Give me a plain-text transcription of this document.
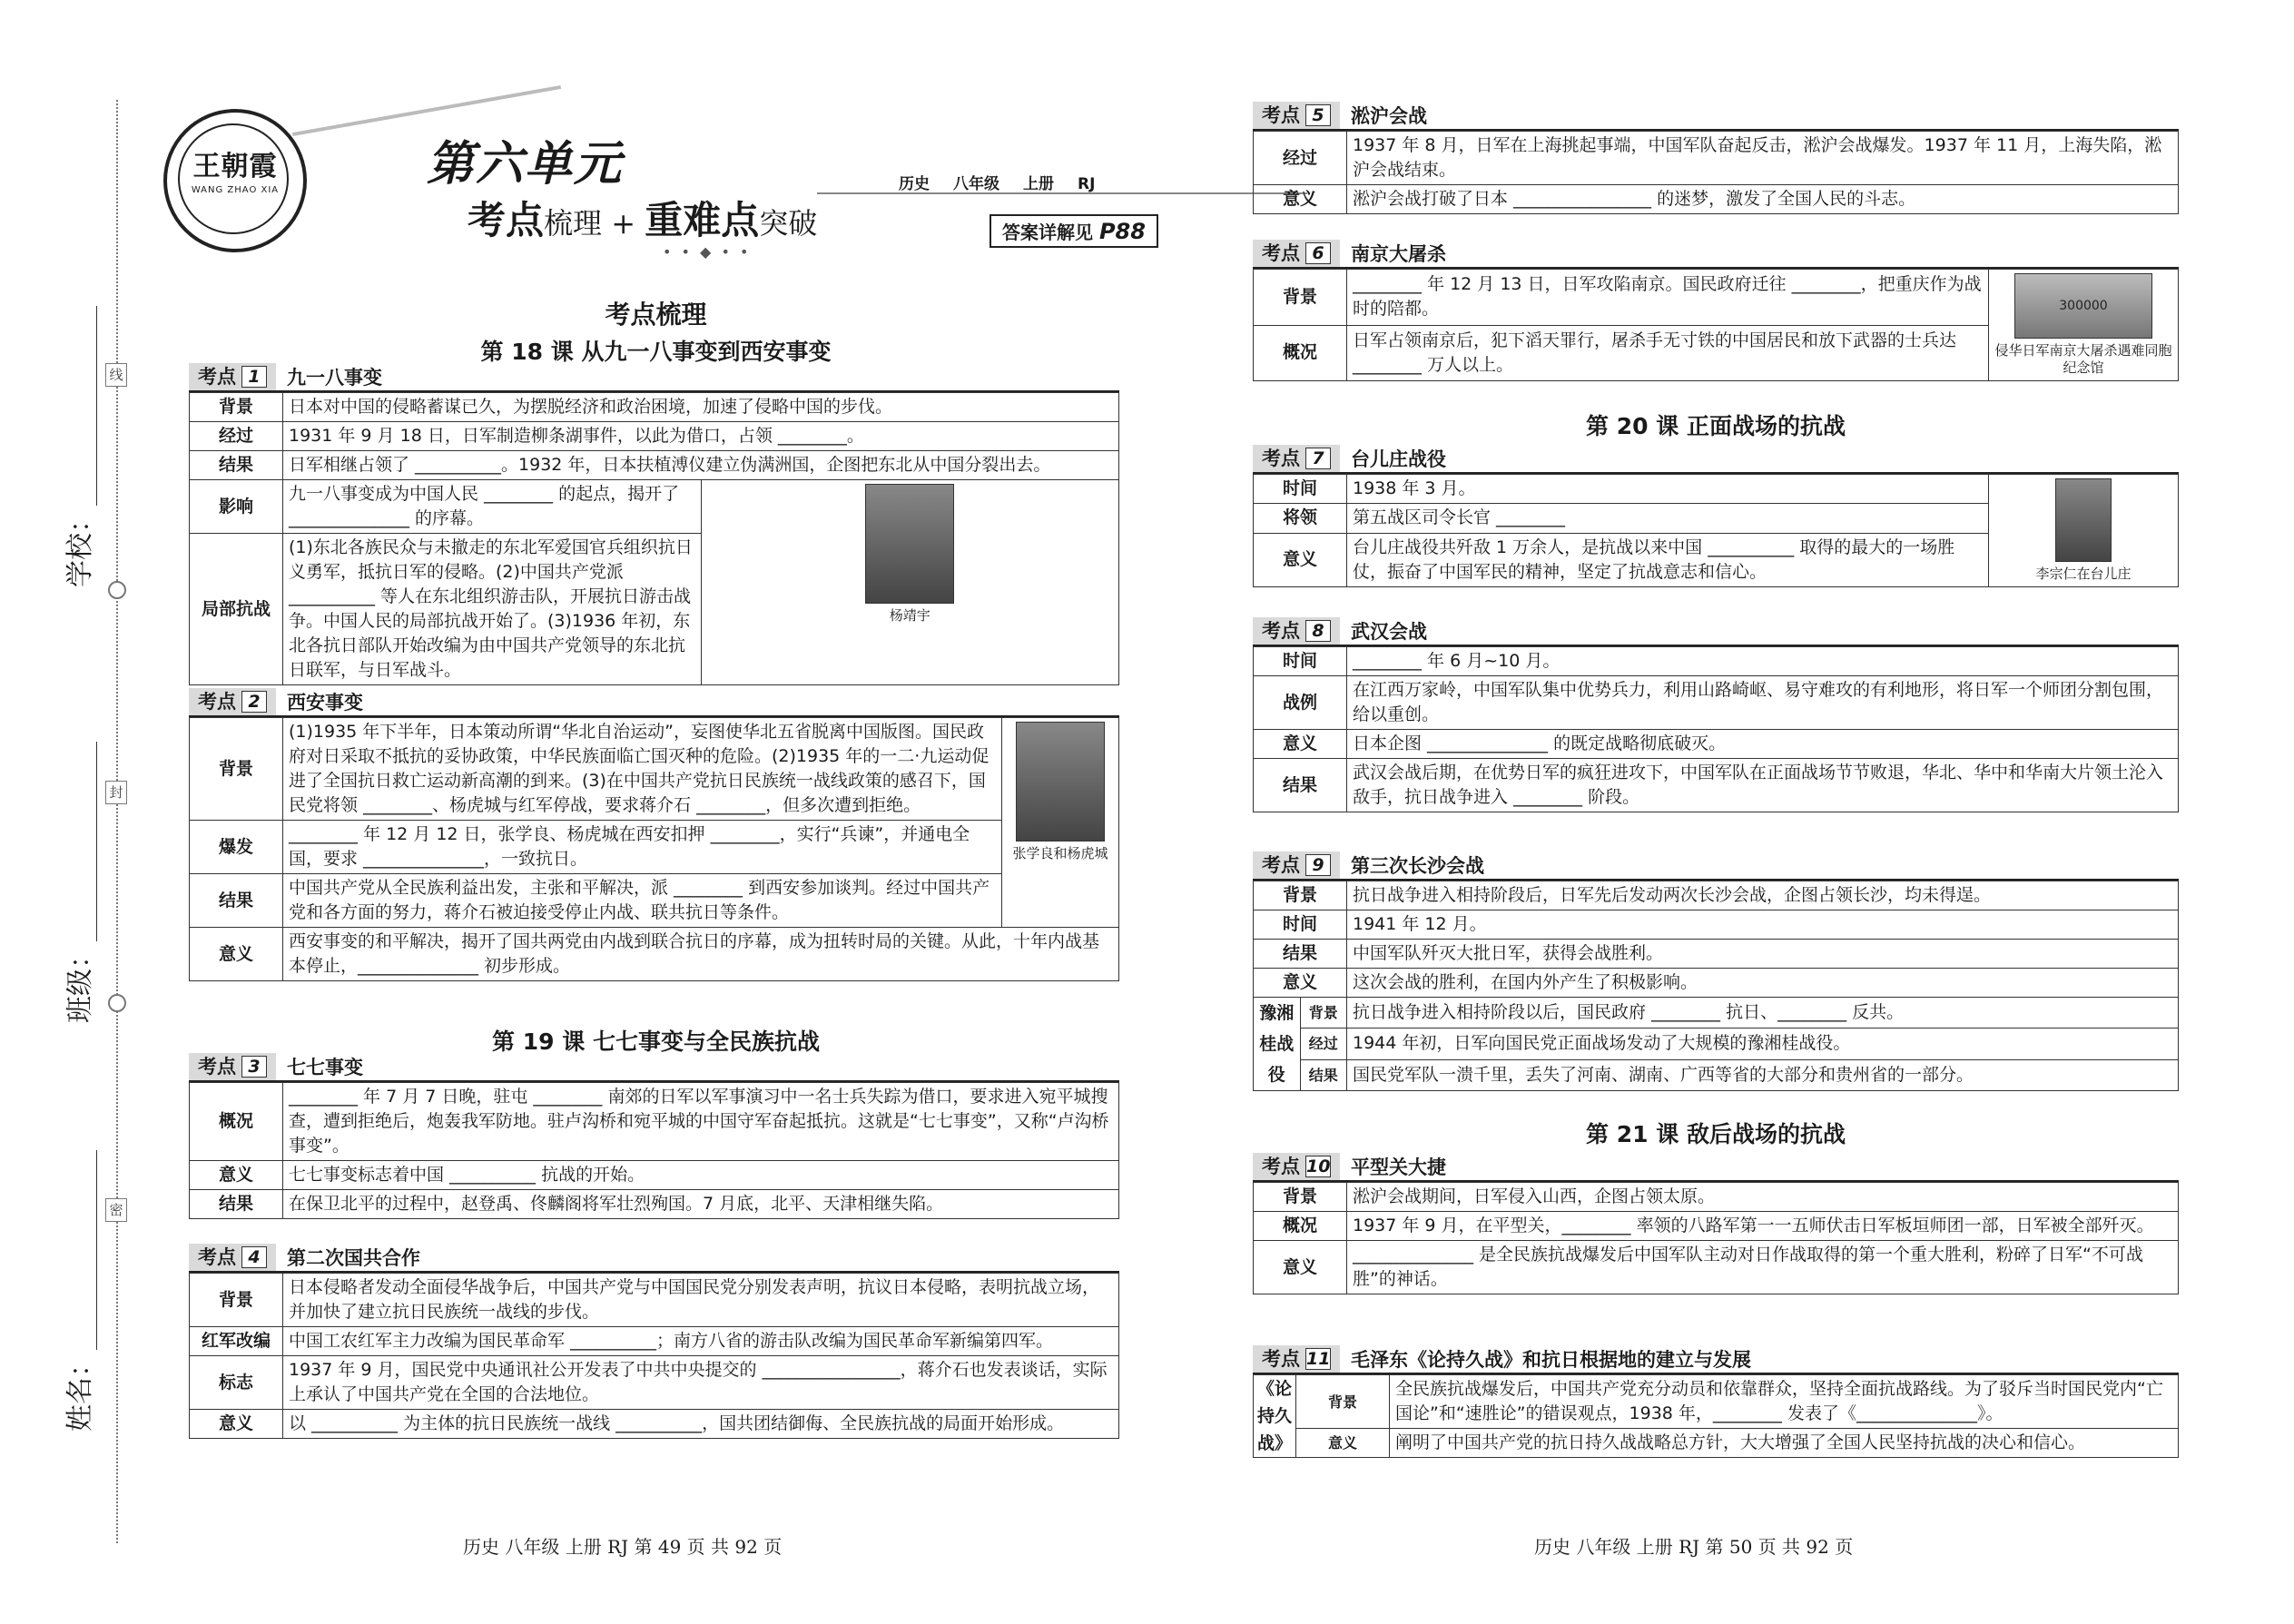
线
封
密
学校：
班级：
姓名：
王朝霞
WANG ZHAO XIA	第六单元
考点梳理 + 重难点突破
历史 八年级 上册 RJ
• • ◆ • •
答案详解见 P88
考点梳理
第 18 课 从九一八事变到西安事变
考点 1	九一八事变
背景	日本对中国的侵略蓄谋已久，为摆脱经济和政治困境，加速了侵略中国的步伐。	
经过	1931 年 9 月 18 日，日军制造柳条湖事件，以此为借口，占领 ________。	
结果	日军相继占领了 __________。1932 年，日本扶植溥仪建立伪满洲国，企图把东北从中国分裂出去。	
影响	九一八事变成为中国人民 ________ 的起点，揭开了 ______________ 的序幕。	杨靖宇
局部抗战	(1)东北各族民众与未撤走的东北军爱国官兵组织抗日义勇军，抵抗日军的侵略。(2)中国共产党派 __________ 等人在东北组织游击队，开展抗日游击战争。中国人民的局部抗战开始了。(3)1936 年初，东北各抗日部队开始改编为由中国共产党领导的东北抗日联军，与日军战斗。	
考点 2	西安事变
背景	(1)1935 年下半年，日本策动所谓“华北自治运动”，妄图使华北五省脱离中国版图。国民政府对日采取不抵抗的妥协政策，中华民族面临亡国灭种的危险。(2)1935 年的一二·九运动促进了全国抗日救亡运动新高潮的到来。(3)在中国共产党抗日民族统一战线政策的感召下，国民党将领 ________、杨虎城与红军停战，要求蒋介石 ________，但多次遭到拒绝。	张学良和杨虎城
爆发	________ 年 12 月 12 日，张学良、杨虎城在西安扣押 ________，实行“兵谏”，并通电全国，要求 ______________，一致抗日。	
结果	中国共产党从全民族利益出发，主张和平解决，派 ________ 到西安参加谈判。经过中国共产党和各方面的努力，蒋介石被迫接受停止内战、联共抗日等条件。	
意义	西安事变的和平解决，揭开了国共两党由内战到联合抗日的序幕，成为扭转时局的关键。从此，十年内战基本停止，______________ 初步形成。	
第 19 课 七七事变与全民族抗战
考点 3	七七事变
概况	________ 年 7 月 7 日晚，驻屯 ________ 南郊的日军以军事演习中一名士兵失踪为借口，要求进入宛平城搜查，遭到拒绝后，炮轰我军防地。驻卢沟桥和宛平城的中国守军奋起抵抗。这就是“七七事变”，又称“卢沟桥事变”。
意义	七七事变标志着中国 __________ 抗战的开始。
结果	在保卫北平的过程中，赵登禹、佟麟阁将军壮烈殉国。7 月底，北平、天津相继失陷。
考点 4	第二次国共合作
背景	日本侵略者发动全面侵华战争后，中国共产党与中国国民党分别发表声明，抗议日本侵略，表明抗战立场，并加快了建立抗日民族统一战线的步伐。
红军改编	中国工农红军主力改编为国民革命军 __________；南方八省的游击队改编为国民革命军新编第四军。
标志	1937 年 9 月，国民党中央通讯社公开发表了中共中央提交的 ________________，蒋介石也发表谈话，实际上承认了中国共产党在全国的合法地位。
意义	以 __________ 为主体的抗日民族统一战线 __________，国共团结御侮、全民族抗战的局面开始形成。
考点 5	淞沪会战
经过	1937 年 8 月，日军在上海挑起事端，中国军队奋起反击，淞沪会战爆发。1937 年 11 月，上海失陷，淞沪会战结束。
意义	淞沪会战打破了日本 ________________ 的迷梦，激发了全国人民的斗志。
考点 6	南京大屠杀
背景	________ 年 12 月 13 日，日军攻陷南京。国民政府迁往 ________，把重庆作为战时的陪都。	300000
侵华日军南京大屠杀遇难同胞纪念馆
概况	日军占领南京后，犯下滔天罪行，屠杀手无寸铁的中国居民和放下武器的士兵达 ________ 万人以上。	
第 20 课 正面战场的抗战
考点 7	台儿庄战役
时间	1938 年 3 月。	李宗仁在台儿庄
将领	第五战区司令长官 ________	
意义	台儿庄战役共歼敌 1 万余人，是抗战以来中国 __________ 取得的最大的一场胜仗，振奋了中国军民的精神，坚定了抗战意志和信心。	
考点 8	武汉会战
时间	________ 年 6 月~10 月。
战例	在江西万家岭，中国军队集中优势兵力，利用山路崎岖、易守难攻的有利地形，将日军一个师团分割包围，给以重创。
意义	日本企图 ______________ 的既定战略彻底破灭。
结果	武汉会战后期，在优势日军的疯狂进攻下，中国军队在正面战场节节败退，华北、华中和华南大片领土沦入敌手，抗日战争进入 ________ 阶段。
考点 9	第三次长沙会战
背景		抗日战争进入相持阶段后，日军先后发动两次长沙会战，企图占领长沙，均未得逞。
时间		1941 年 12 月。
结果		中国军队歼灭大批日军，获得会战胜利。
意义		这次会战的胜利，在国内外产生了积极影响。
豫湘桂战役	背景	抗日战争进入相持阶段以后，国民政府 ________ 抗日、________ 反共。
	经过	1944 年初，日军向国民党正面战场发动了大规模的豫湘桂战役。
	结果	国民党军队一溃千里，丢失了河南、湖南、广西等省的大部分和贵州省的一部分。
第 21 课 敌后战场的抗战
考点 10 平型关大捷
背景	淞沪会战期间，日军侵入山西，企图占领太原。
概况	1937 年 9 月，在平型关，________ 率领的八路军第一一五师伏击日军板垣师团一部，日军被全部歼灭。
意义	______________ 是全民族抗战爆发后中国军队主动对日作战取得的第一个重大胜利，粉碎了日军“不可战胜”的神话。
考点 11 毛泽东《论持久战》和抗日根据地的建立与发展
《论持久战》	背景	全民族抗战爆发后，中国共产党充分动员和依靠群众，坚持全面抗战路线。为了驳斥当时国民党内“亡国论”和“速胜论”的错误观点，1938 年，________ 发表了《______________》。
	意义	阐明了中国共产党的抗日持久战战略总方针，大大增强了全国人民坚持抗战的决心和信心。
历史 八年级 上册 RJ 第 49 页 共 92 页	历史 八年级 上册 RJ 第 50 页 共 92 页
